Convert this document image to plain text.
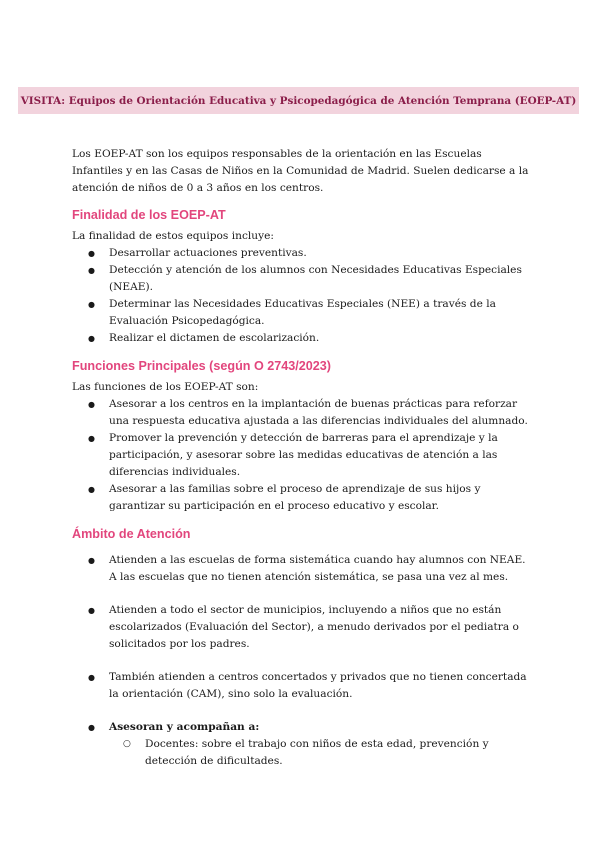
VISITA: Equipos de Orientación Educativa y Psicopedagógica de Atención Temprana (EOEP-AT)

Los EOEP-AT son los equipos responsables de la orientación en las Escuelas Infantiles y en las Casas de Niños en la Comunidad de Madrid. Suelen dedicarse a la atención de niños de 0 a 3 años en los centros.

Finalidad de los EOEP-AT

La finalidad de estos equipos incluye:

● Desarrollar actuaciones preventivas.
● Detección y atención de los alumnos con Necesidades Educativas Especiales (NEAE).
● Determinar las Necesidades Educativas Especiales (NEE) a través de la Evaluación Psicopedagógica.
● Realizar el dictamen de escolarización.
Funciones Principales (según O 2743/2023)

Las funciones de los EOEP-AT son:

● Asesorar a los centros en la implantación de buenas prácticas para reforzar una respuesta educativa ajustada a las diferencias individuales del alumnado.
● Promover la prevención y detección de barreras para el aprendizaje y la participación, y asesorar sobre las medidas educativas de atención a las diferencias individuales.
● Asesorar a las familias sobre el proceso de aprendizaje de sus hijos y garantizar su participación en el proceso educativo y escolar.
Ámbito de Atención
● Atienden a las escuelas de forma sistemática cuando hay alumnos con NEAE. A las escuelas que no tienen atención sistemática, se pasa una vez al mes.
● Atienden a todo el sector de municipios, incluyendo a niños que no están escolarizados (Evaluación del Sector), a menudo derivados por el pediatra o solicitados por los padres.
● También atienden a centros concertados y privados que no tienen concertada la orientación (CAM), sino solo la evaluación.
● Asesoran y acompañan a:
○ Docentes: sobre el trabajo con niños de esta edad, prevención y detección de dificultades.
